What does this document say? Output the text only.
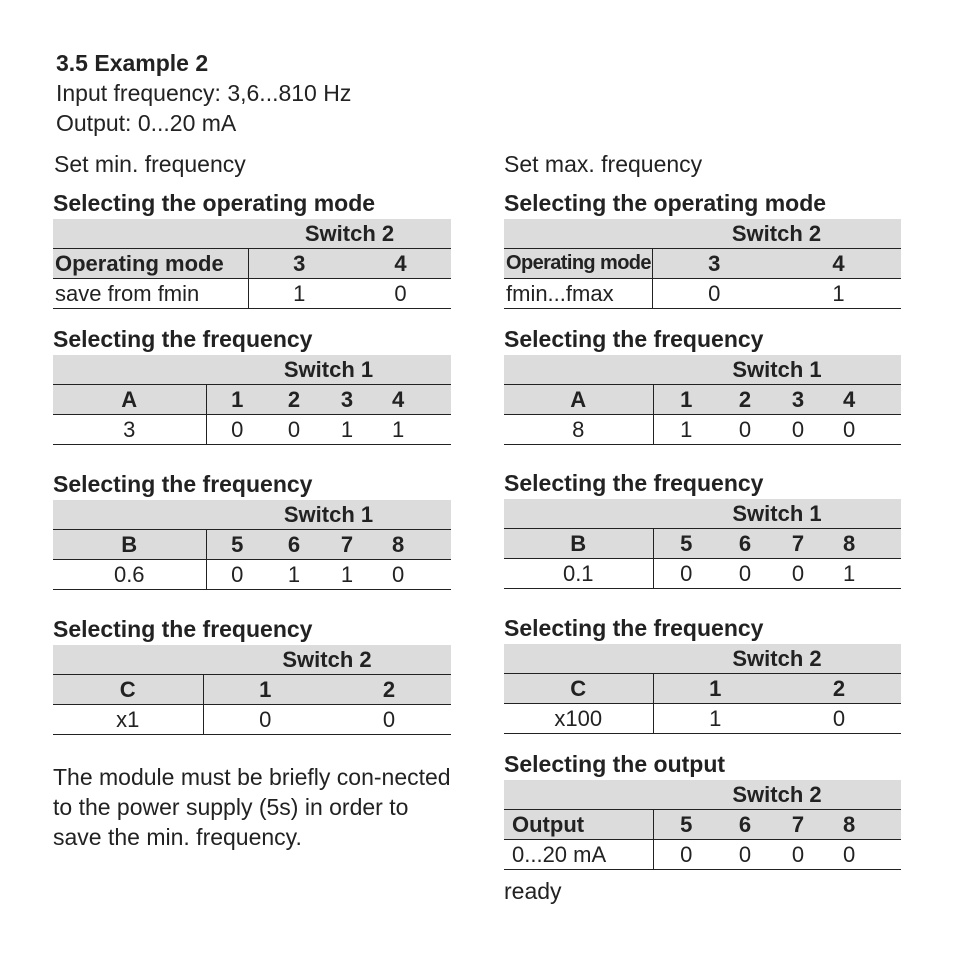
3.5 Example 2
Input frequency: 3,6...810 Hz
Output: 0...20 mA
Set min. frequency
Selecting the operating mode
	Switch 2	
Operating mode	3	4
save from fmin	1	0
Selecting the frequency
	Switch 1			
A	1	2	3	4
3	0	0	1	1
Selecting the frequency
	Switch 1			
B	5	6	7	8
0.6	0	1	1	0
Selecting the frequency
	Switch 2	
C	1	2
x1	0	0
The module must be briefly con-nected to the power supply (5s) in order to save the min. frequency.
Set max. frequency
Selecting the operating mode
	Switch 2	
Operating mode	3	4
fmin...fmax	0	1
Selecting the frequency
	Switch 1			
A	1	2	3	4
8	1	0	0	0
Selecting the frequency
	Switch 1			
B	5	6	7	8
0.1	0	0	0	1
Selecting the frequency
	Switch 2	
C	1	2
x100	1	0
Selecting the output
	Switch 2			
Output	5	6	7	8
0...20 mA	0	0	0	0
ready
